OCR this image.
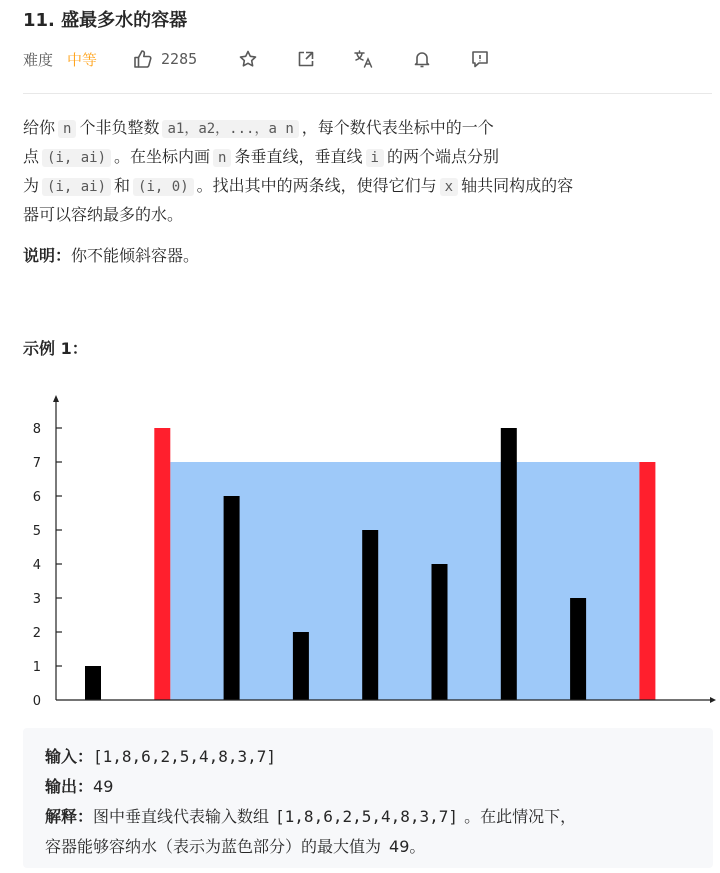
11. 盛最多水的容器
难度 中等	2285

给你 n 个非负整数 a1，a2，...，a n ，每个数代表坐标中的一个

点 (i, ai) 。在坐标内画 n 条垂直线，垂直线 i 的两个端点分别

为 (i, ai) 和 (i, 0) 。找出其中的两条线，使得它们与 x 轴共同构成的容

器可以容纳最多的水。

说明：你不能倾斜容器。
示例 1：
0
1
2
3
4
5
6
7
8
输入：[1,8,6,2,5,4,8,3,7]
输出：49
解释：图中垂直线代表输入数组 [1,8,6,2,5,4,8,3,7] 。在此情况下，
容器能够容纳水（表示为蓝色部分）的最大值为 49。
